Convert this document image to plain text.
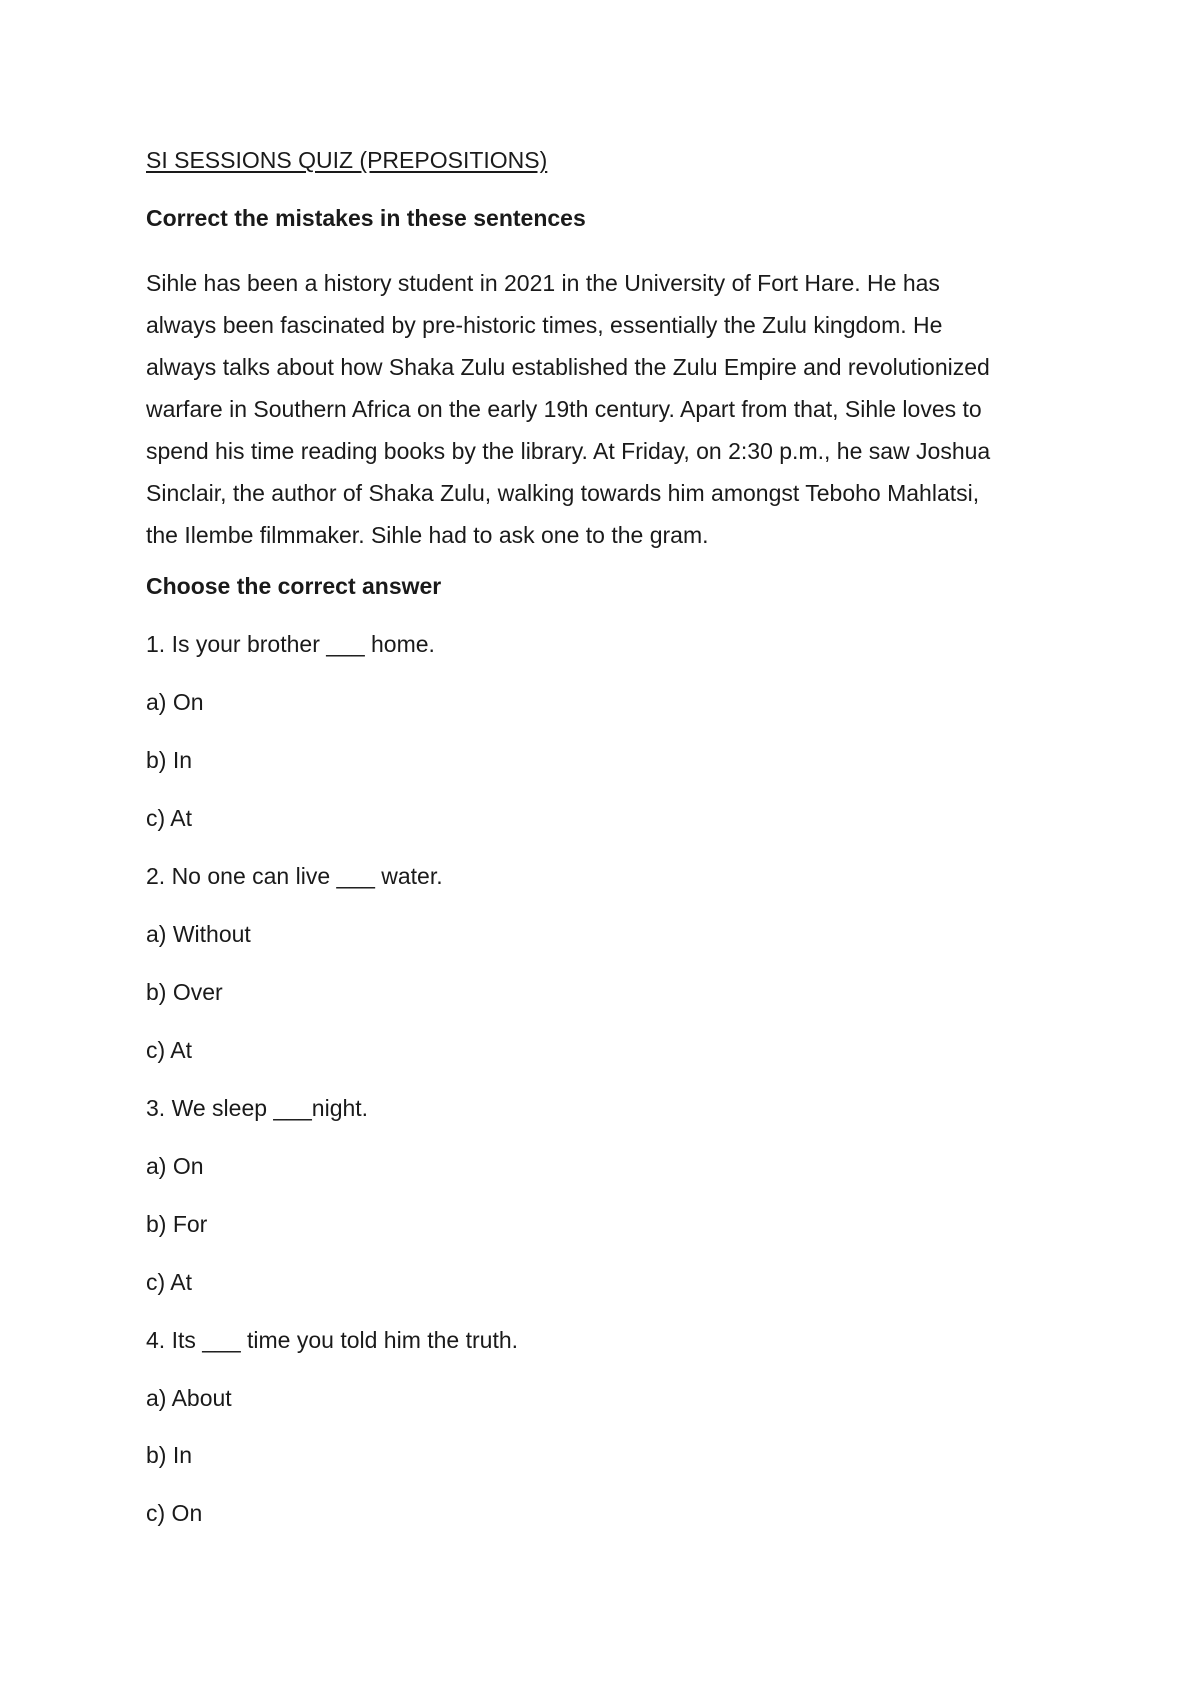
SI SESSIONS QUIZ (PREPOSITIONS)
Correct the mistakes in these sentences
Sihle has been a history student in 2021 in the University of Fort Hare. He has
always been fascinated by pre-historic times, essentially the Zulu kingdom. He
always talks about how Shaka Zulu established the Zulu Empire and revolutionized
warfare in Southern Africa on the early 19th century. Apart from that, Sihle loves to
spend his time reading books by the library. At Friday, on 2:30 p.m., he saw Joshua
Sinclair, the author of Shaka Zulu, walking towards him amongst Teboho Mahlatsi,
the Ilembe filmmaker. Sihle had to ask one to the gram.
Choose the correct answer
1. Is your brother ___ home.
a) On
b) In
c) At
2. No one can live ___ water.
a) Without
b) Over
c) At
3. We sleep ___night.
a) On
b) For
c) At
4. Its ___ time you told him the truth.
a) About
b) In
c) On
